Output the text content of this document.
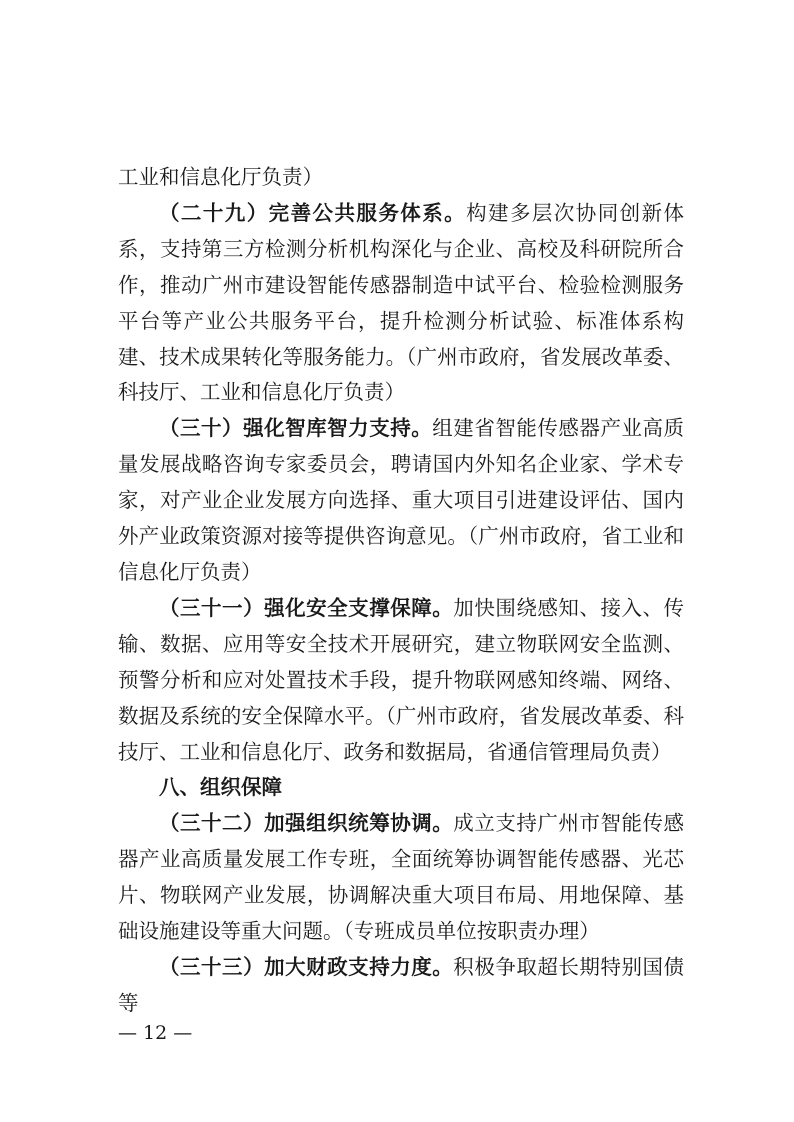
工业和信息化厅负责）

（二十九）完善公共服务体系。构建多层次协同创新体系，支持第三方检测分析机构深化与企业、高校及科研院所合作，推动广州市建设智能传感器制造中试平台、检验检测服务平台等产业公共服务平台，提升检测分析试验、标准体系构建、技术成果转化等服务能力。（广州市政府，省发展改革委、科技厅、工业和信息化厅负责）

（三十）强化智库智力支持。组建省智能传感器产业高质量发展战略咨询专家委员会，聘请国内外知名企业家、学术专家，对产业企业发展方向选择、重大项目引进建设评估、国内外产业政策资源对接等提供咨询意见。（广州市政府，省工业和信息化厅负责）

（三十一）强化安全支撑保障。加快围绕感知、接入、传输、数据、应用等安全技术开展研究，建立物联网安全监测、预警分析和应对处置技术手段，提升物联网感知终端、网络、数据及系统的安全保障水平。（广州市政府，省发展改革委、科技厅、工业和信息化厅、政务和数据局，省通信管理局负责）

八、组织保障

（三十二）加强组织统筹协调。成立支持广州市智能传感器产业高质量发展工作专班，全面统筹协调智能传感器、光芯片、物联网产业发展，协调解决重大项目布局、用地保障、基础设施建设等重大问题。（专班成员单位按职责办理）

（三十三）加大财政支持力度。积极争取超长期特别国债等

— 12 —
